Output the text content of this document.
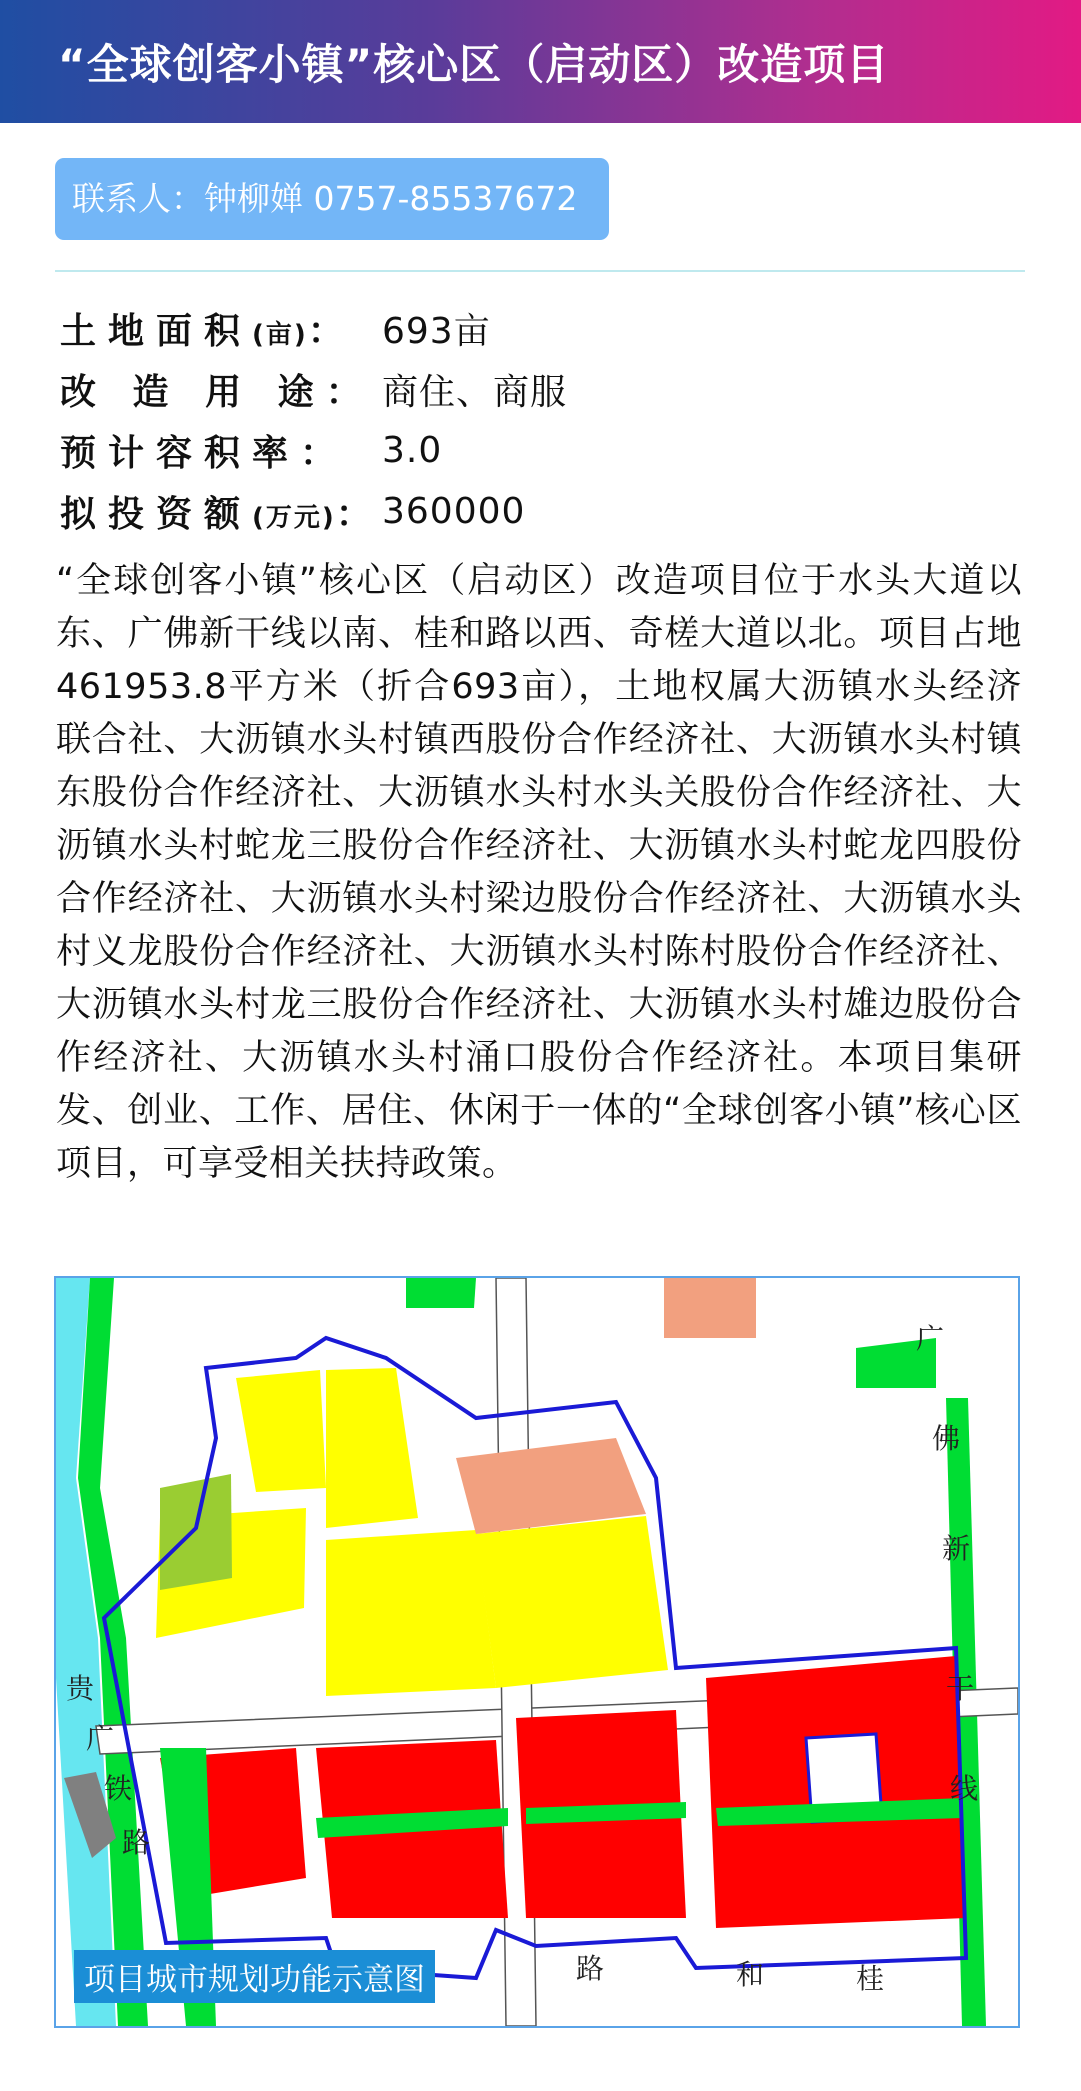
“全球创客小镇”核心区（启动区）改造项目
联系人：钟柳婵 0757-85537672
土地面积 (亩) ： 693亩
改 造 用 途 ： 商住、商服
预计容积率 ： 3.0
拟投资额 (万元) ：
360000
“全球创客小镇”核心区（启动区）改造项目位于水头大道以东、广佛新干线以南、桂和路以西、奇槎大道以北。项目占地461953.8平方米（折合693亩），土地权属大沥镇水头经济联合社、大沥镇水头村镇西股份合作经济社、大沥镇水头村镇东股份合作经济社、大沥镇水头村水头关股份合作经济社、大沥镇水头村蛇龙三股份合作经济社、大沥镇水头村蛇龙四股份合作经济社、大沥镇水头村梁边股份合作经济社、大沥镇水头村义龙股份合作经济社、大沥镇水头村陈村股份合作经济社、大沥镇水头村龙三股份合作经济社、大沥镇水头村雄边股份合作经济社、大沥镇水头村涌口股份合作经济社。本项目集研发、创业、工作、居住、休闲于一体的“全球创客小镇”核心区项目，可享受相关扶持政策。
广
佛
新
干
线
贵
广
铁
路
路	和	桂
项目城市规划功能示意图
